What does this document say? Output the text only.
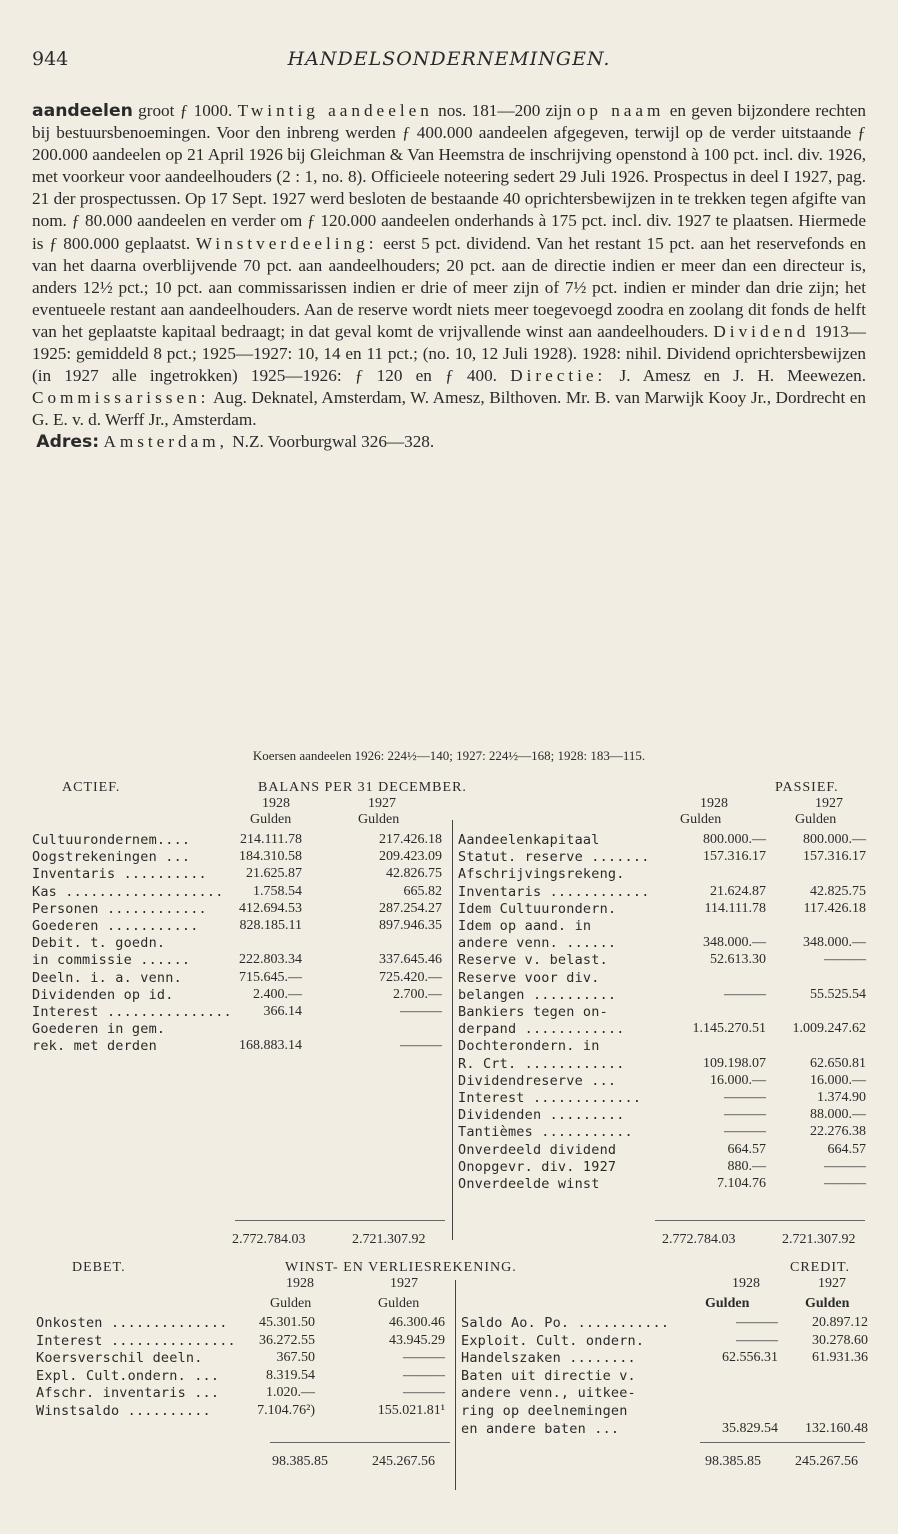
944	HANDELSONDERNEMINGEN.

aandeelen groot ƒ 1000. Twintig aandeelen nos. 181—200 zijn op naam en geven bijzondere rechten bij bestuursbenoemingen. Voor den inbreng werden ƒ 400.000 aandeelen afgegeven, terwijl op de verder uitstaande ƒ 200.000 aandeelen op 21 April 1926 bij Gleichman & Van Heemstra de inschrijving openstond à 100 pct. incl. div. 1926, met voorkeur voor aandeelhouders (2 : 1, no. 8). Officieele noteering sedert 29 Juli 1926. Prospectus in deel I 1927, pag. 21 der prospectussen. Op 17 Sept. 1927 werd besloten de bestaande 40 oprichtersbewijzen in te trekken tegen afgifte van nom. ƒ 80.000 aandeelen en verder om ƒ 120.000 aandeelen onderhands à 175 pct. incl. div. 1927 te plaatsen. Hiermede is ƒ 800.000 geplaatst. Winstverdeeling: eerst 5 pct. dividend. Van het restant 15 pct. aan het reservefonds en van het daarna overblijvende 70 pct. aan aandeelhouders; 20 pct. aan de directie indien er meer dan een directeur is, anders 12½ pct.; 10 pct. aan commissarissen indien er drie of meer zijn of 7½ pct. indien er minder dan drie zijn; het eventueele restant aan aandeelhouders. Aan de reserve wordt niets meer toegevoegd zoodra en zoolang dit fonds de helft van het geplaatste kapitaal bedraagt; in dat geval komt de vrijvallende winst aan aandeelhouders. Dividend 1913—1925: gemiddeld 8 pct.; 1925—1927: 10, 14 en 11 pct.; (no. 10, 12 Juli 1928). 1928: nihil. Dividend oprichtersbewijzen (in 1927 alle ingetrokken) 1925—1926: ƒ 120 en ƒ 400. Directie: J. Amesz en J. H. Meewezen. Commissarissen: Aug. Deknatel, Amsterdam, W. Amesz, Bilthoven. Mr. B. van Marwijk Kooy Jr., Dordrecht en G. E. v. d. Werff Jr., Amsterdam.

Adres: Amsterdam, N.Z. Voorburgwal 326—328.

Koersen aandeelen 1926: 224½—140; 1927: 224½—168; 1928: 183—115.
ACTIEF.	BALANS PER 31 DECEMBER.	PASSIEF.
1928	1927	1928	1927
Gulden	Gulden	Gulden	Gulden
Cultuurondernem....	214.111.78	217.426.18
Oogstrekeningen ...	184.310.58	209.423.09
Inventaris ..........	21.625.87	42.826.75
Kas ................... 1.758.54	665.82
Personen ............ 412.694.53	287.254.27
Goederen ...........	828.185.11	897.946.35
Debit. t. goedn.
in commissie ......	222.803.34	337.645.46
Deeln. i. a. venn.	715.645.—	725.420.—
Dividenden op id.	2.400.—	2.700.—
Interest ............... 366.14	———
Goederen in gem.
rek. met derden	168.883.14	———
Aandeelenkapitaal	800.000.—	800.000.—
Statut. reserve .......	157.316.17	157.316.17
Afschrijvingsrekeng.
Inventaris ............	21.624.87	42.825.75
Idem Cultuurondern.	114.111.78	117.426.18
Idem op aand. in
andere venn. ......	348.000.—	348.000.—
Reserve v. belast.	52.613.30	———
Reserve voor div.
belangen ..........	———	55.525.54
Bankiers tegen on-
derpand ............	1.145.270.51 1.009.247.62
Dochterondern. in
R. Crt. ............	109.198.07	62.650.81
Dividendreserve ...	16.000.—	16.000.—
Interest .............	———	1.374.90
Dividenden .........	———	88.000.—
Tantièmes ...........	———	22.276.38
Onverdeeld dividend	664.57	664.57
Onopgevr. div. 1927	880.—	———
Onverdeelde winst	7.104.76	———
2.772.784.03	2.721.307.92	2.772.784.03	2.721.307.92
DEBET.	WINST- EN VERLIESREKENING.	CREDIT.
1928	1927	1928	1927
Gulden	Gulden	Gulden	Gulden
Onkosten .............. 45.301.50	46.300.46
Interest ............... 36.272.55	43.945.29
Koersverschil deeln.	367.50	———
Expl. Cult.ondern. ...	8.319.54	———
Afschr. inventaris ...	1.020.—	———
Winstsaldo ..........	7.104.76²)	155.021.81¹
Saldo Ao. Po. ...........	——— 20.897.12
Exploit. Cult. ondern.	——— 30.278.60
Handelszaken ........	62.556.31 61.931.36
Baten uit directie v.
andere venn., uitkee-
ring op deelnemingen
en andere baten ...	35.829.54 132.160.48
98.385.85	245.267.56	98.385.85 245.267.56
